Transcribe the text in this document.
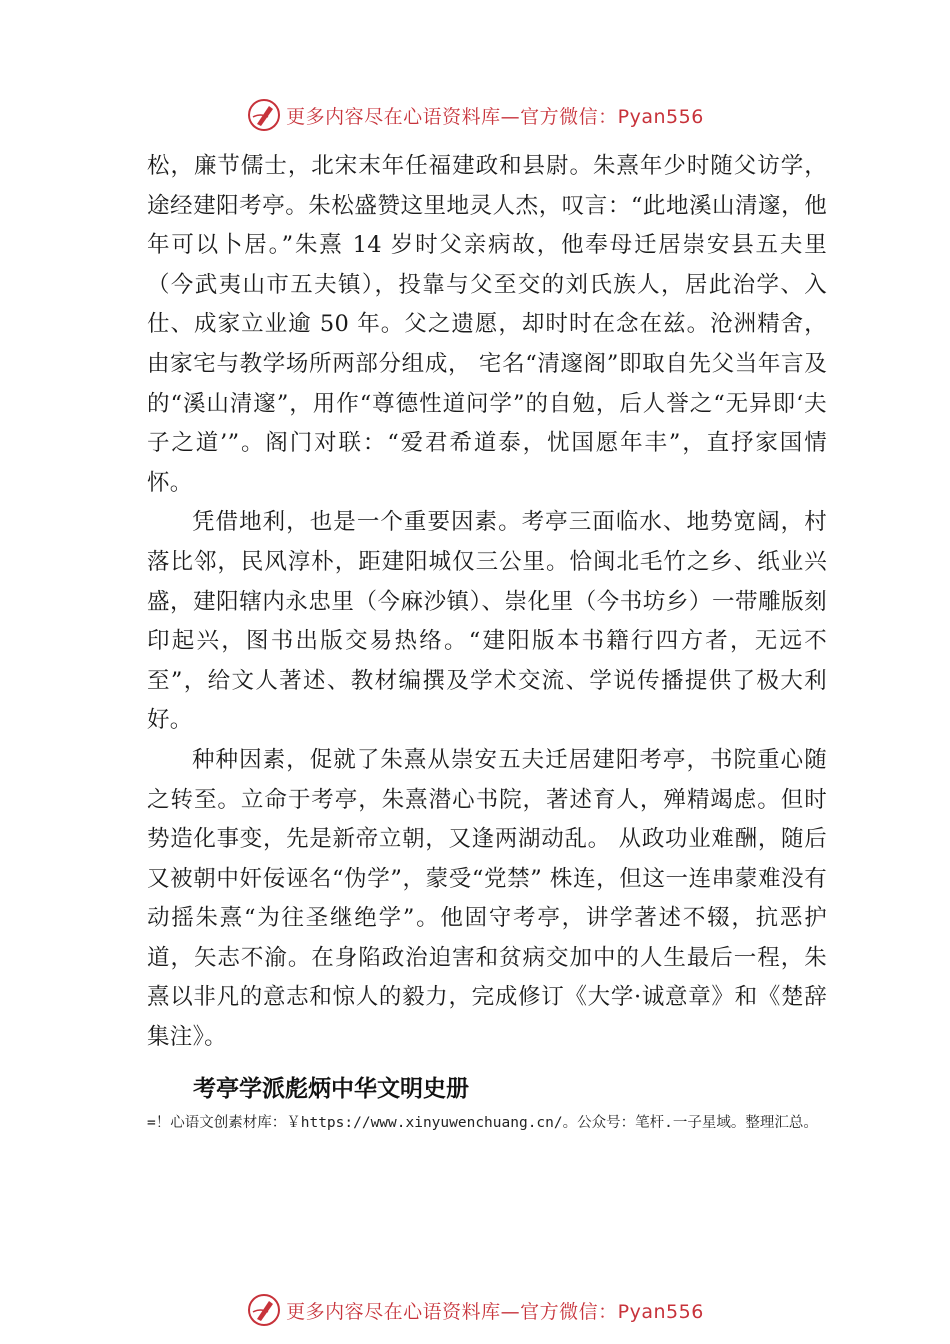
更多内容尽在心语资料库—官方微信：Pyan556

松，廉节儒士，北宋末年任福建政和县尉。朱熹年少时随父访学，途经建阳考亭。朱松盛赞这里地灵人杰，叹言：“此地溪山清邃，他年可以卜居。”朱熹 14 岁时父亲病故，他奉母迁居崇安县五夫里（今武夷山市五夫镇），投靠与父至交的刘氏族人，居此治学、入仕、成家立业逾 50 年。父之遗愿，却时时在念在兹。沧洲精舍，由家宅与教学场所两部分组成， 宅名“清邃阁”即取自先父当年言及的“溪山清邃”，用作“尊德性道问学”的自勉，后人誉之“无异即‘夫子之道’”。阁门对联：“爱君希道泰，忧国愿年丰”，直抒家国情怀。

凭借地利，也是一个重要因素。考亭三面临水、地势宽阔，村落比邻，民风淳朴，距建阳城仅三公里。恰闽北毛竹之乡、纸业兴盛，建阳辖内永忠里（今麻沙镇）、崇化里（今书坊乡）一带雕版刻印起兴，图书出版交易热络。“建阳版本书籍行四方者，无远不至”，给文人著述、教材编撰及学术交流、学说传播提供了极大利好。

种种因素，促就了朱熹从崇安五夫迁居建阳考亭，书院重心随之转至。立命于考亭，朱熹潜心书院，著述育人，殚精竭虑。但时势造化事变，先是新帝立朝，又逢两湖动乱。 从政功业难酬，随后又被朝中奸佞诬名“伪学”，蒙受“党禁” 株连，但这一连串蒙难没有动摇朱熹“为往圣继绝学”。他固守考亭，讲学著述不辍，抗恶护道，矢志不渝。在身陷政治迫害和贫病交加中的人生最后一程，朱熹以非凡的意志和惊人的毅力，完成修订《大学·诚意章》和《楚辞集注》。

考亭学派彪炳中华文明史册
=！心语文创素材库：￥https://www.xinyuwenchuang.cn/。公众号：笔杆.一子星域。整理汇总。
更多内容尽在心语资料库—官方微信：Pyan556
